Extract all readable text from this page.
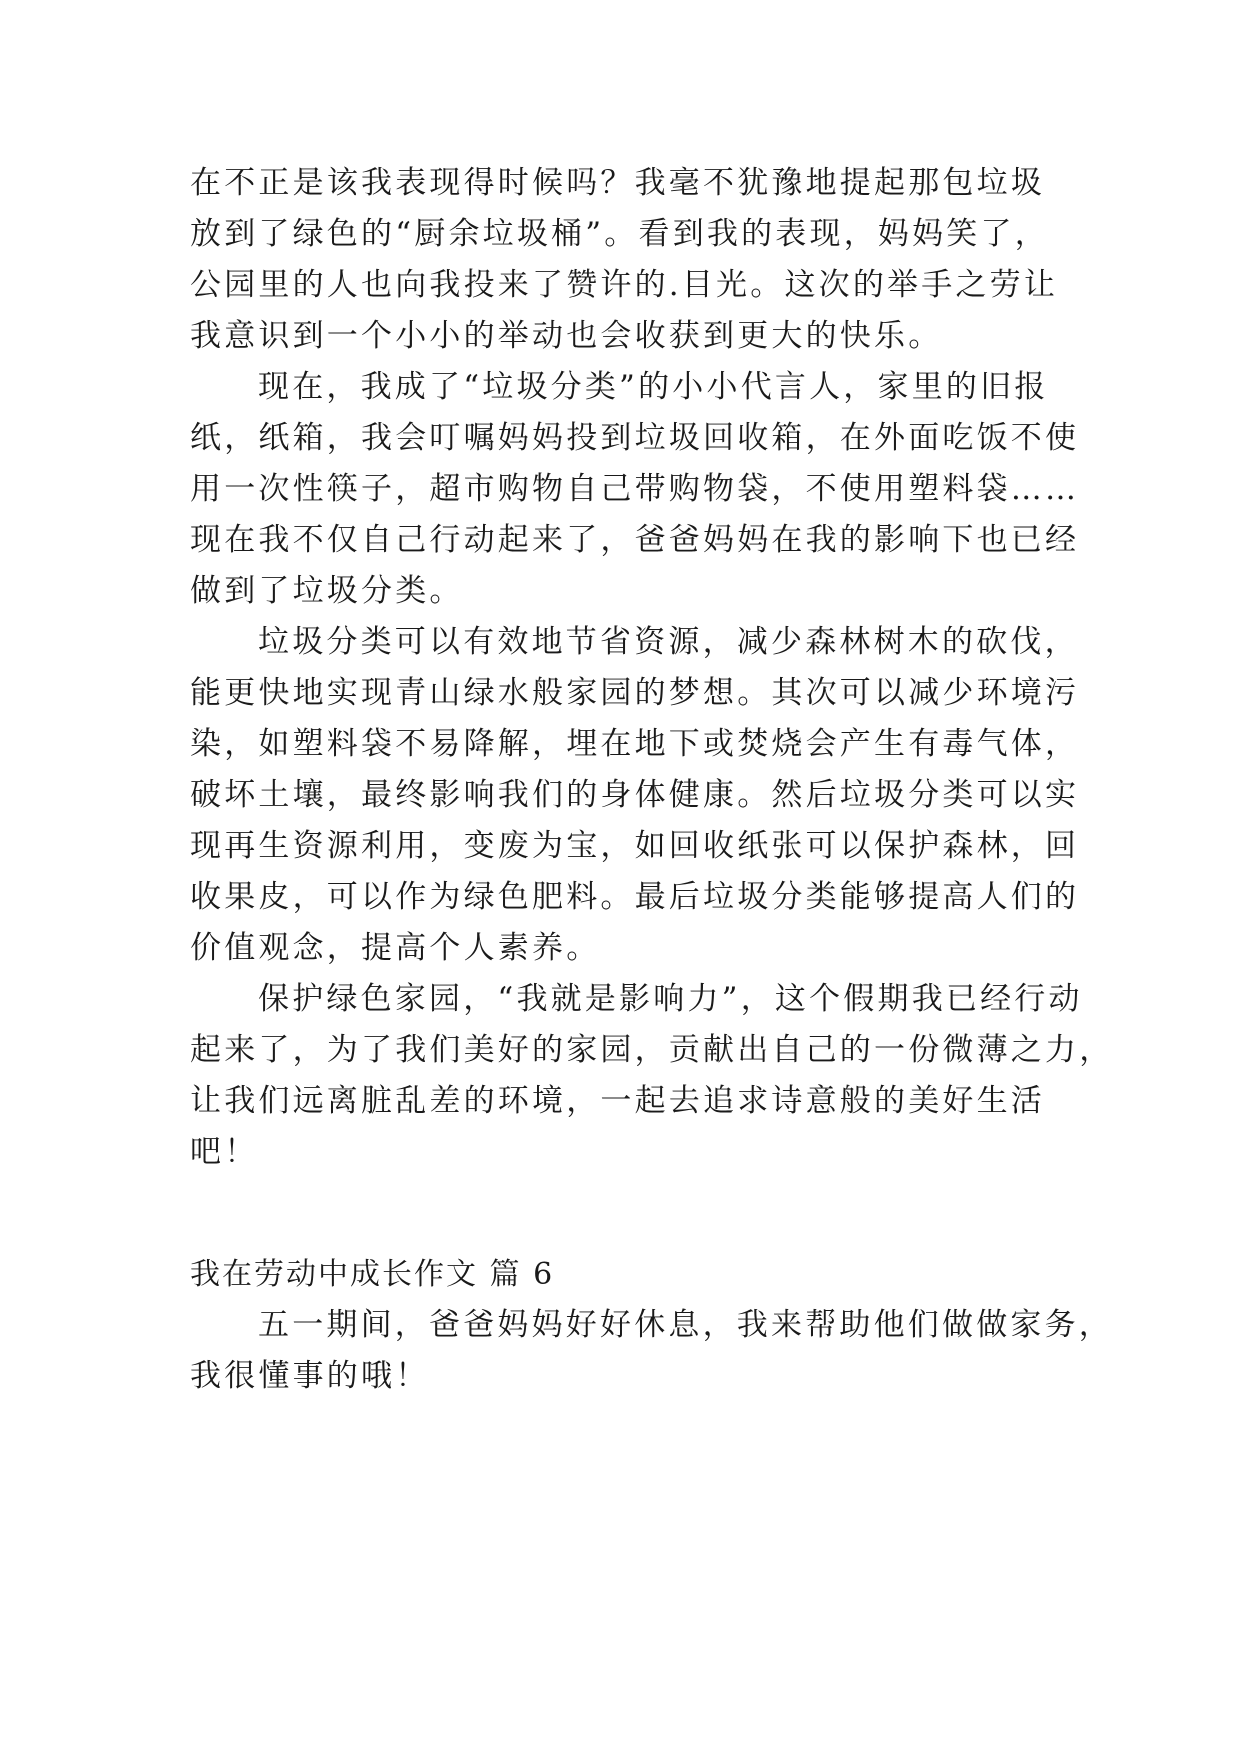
在不正是该我表现得时候吗？我毫不犹豫地提起那包垃圾
放到了绿色的“厨余垃圾桶”。看到我的表现，妈妈笑了，
公园里的人也向我投来了赞许的.目光。这次的举手之劳让
我意识到一个小小的举动也会收获到更大的快乐。
现在，我成了“垃圾分类”的小小代言人，家里的旧报
纸，纸箱，我会叮嘱妈妈投到垃圾回收箱，在外面吃饭不使
用一次性筷子，超市购物自己带购物袋，不使用塑料袋……
现在我不仅自己行动起来了，爸爸妈妈在我的影响下也已经
做到了垃圾分类。
垃圾分类可以有效地节省资源，减少森林树木的砍伐，
能更快地实现青山绿水般家园的梦想。其次可以减少环境污
染，如塑料袋不易降解，埋在地下或焚烧会产生有毒气体，
破坏土壤，最终影响我们的身体健康。然后垃圾分类可以实
现再生资源利用，变废为宝，如回收纸张可以保护森林，回
收果皮，可以作为绿色肥料。最后垃圾分类能够提高人们的
价值观念，提高个人素养。
保护绿色家园，“我就是影响力”，这个假期我已经行动
起来了，为了我们美好的家园，贡献出自己的一份微薄之力，
让我们远离脏乱差的环境，一起去追求诗意般的美好生活
吧！
我在劳动中成长作文 篇 6
五一期间，爸爸妈妈好好休息，我来帮助他们做做家务，
我很懂事的哦！
